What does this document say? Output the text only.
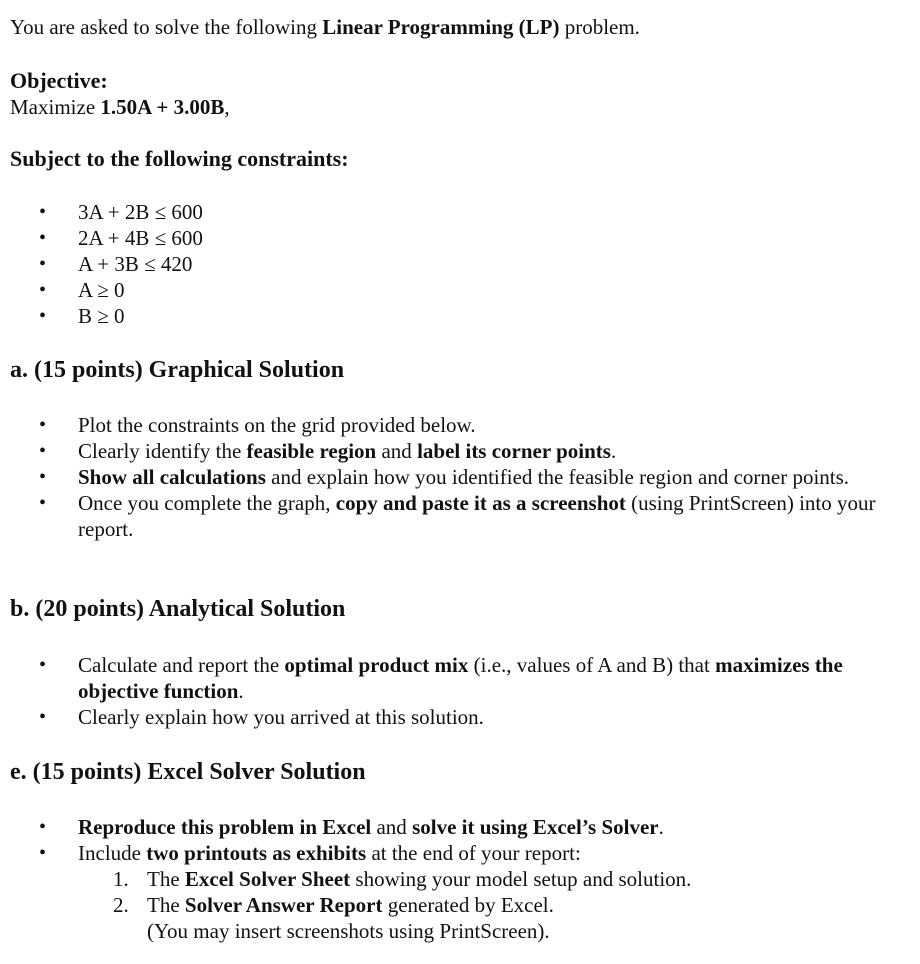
You are asked to solve the following Linear Programming (LP) problem.
Objective:
Maximize 1.50A + 3.00B,
Subject to the following constraints:
• 3A + 2B ≤ 600
• 2A + 4B ≤ 600
• A + 3B ≤ 420
• A ≥ 0
• B ≥ 0
a. (15 points) Graphical Solution
• Plot the constraints on the grid provided below.
• Clearly identify the feasible region and label its corner points.
• Show all calculations and explain how you identified the feasible region and corner points.
• Once you complete the graph, copy and paste it as a screenshot (using PrintScreen) into your report.
b. (20 points) Analytical Solution
• Calculate and report the optimal product mix (i.e., values of A and B) that maximizes the objective function.
• Clearly explain how you arrived at this solution.
e. (15 points) Excel Solver Solution
• Reproduce this problem in Excel and solve it using Excel’s Solver.
• Include two printouts as exhibits at the end of your report:
1. The Excel Solver Sheet showing your model setup and solution.
2. The Solver Answer Report generated by Excel.
(You may insert screenshots using PrintScreen).
